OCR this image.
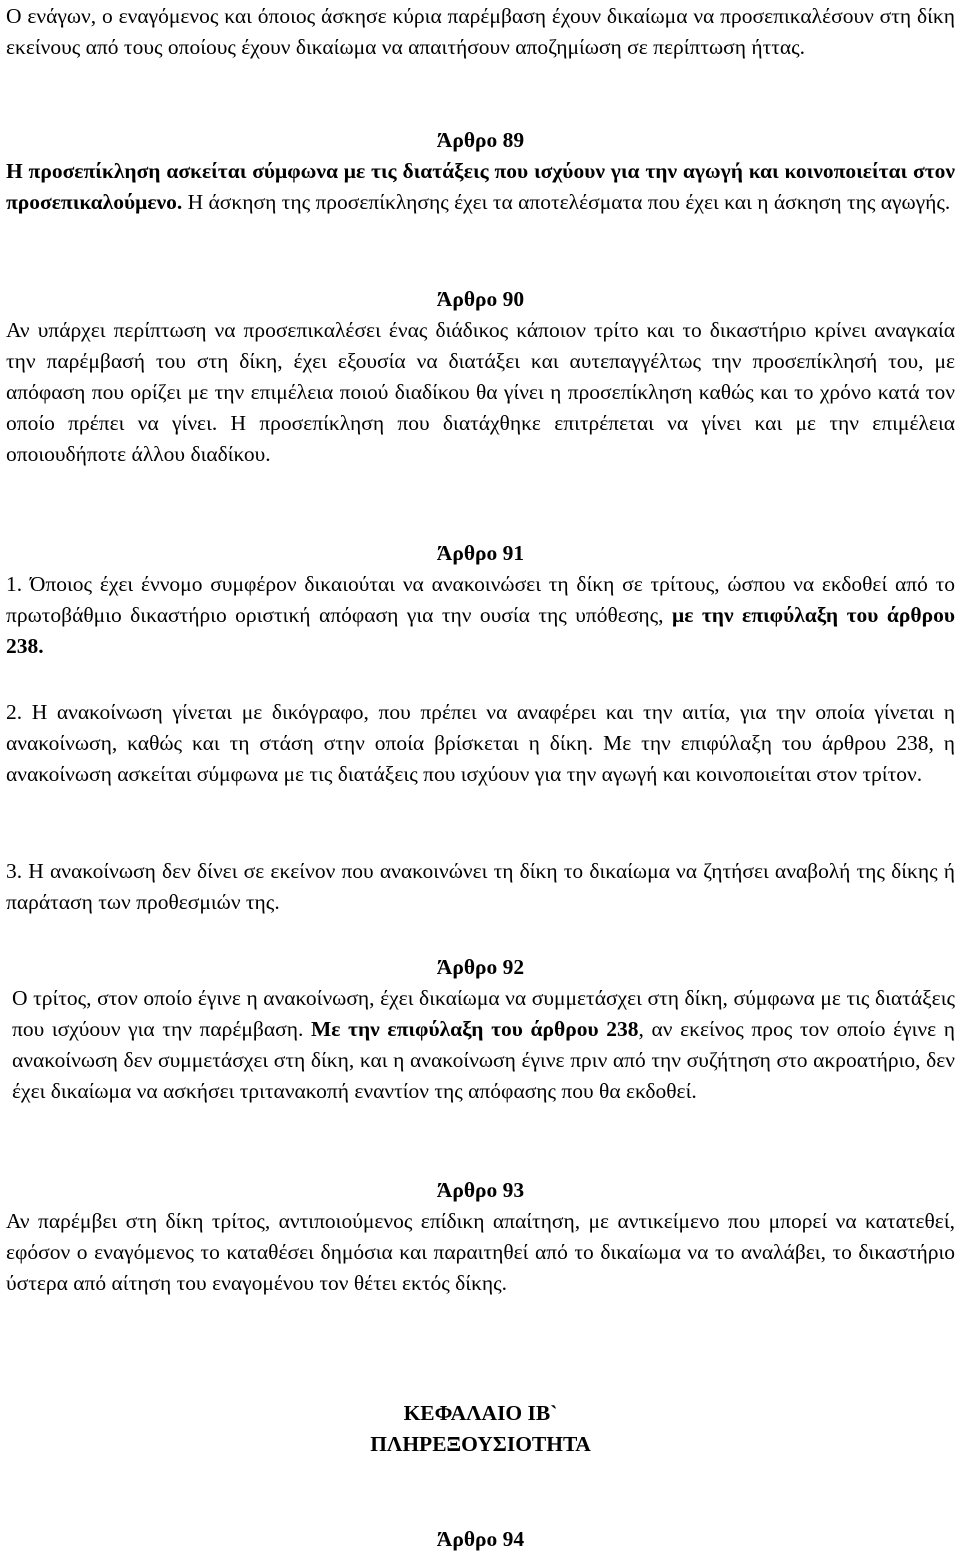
Ο ενάγων, ο εναγόμενος και όποιος άσκησε κύρια παρέμβαση έχουν δικαίωμα να προσεπικαλέσουν στη δίκη εκείνους από τους οποίους έχουν δικαίωμα να απαιτήσουν αποζημίωση σε περίπτωση ήττας.

Άρθρο 89

Η προσεπίκληση ασκείται σύμφωνα με τις διατάξεις που ισχύουν για την αγωγή και κοινοποιείται στον προσεπικαλούμενο. Η άσκηση της προσεπίκλησης έχει τα αποτελέσματα που έχει και η άσκηση της αγωγής.

Άρθρο 90

Αν υπάρχει περίπτωση να προσεπικαλέσει ένας διάδικος κάποιον τρίτο και το δικαστήριο κρίνει αναγκαία την παρέμβασή του στη δίκη, έχει εξουσία να διατάξει και αυτεπαγγέλτως την προσεπίκλησή του, με απόφαση που ορίζει με την επιμέλεια ποιού διαδίκου θα γίνει η προσεπίκληση καθώς και το χρόνο κατά τον οποίο πρέπει να γίνει. Η προσεπίκληση που διατάχθηκε επιτρέπεται να γίνει και με την επιμέλεια οποιουδήποτε άλλου διαδίκου.

Άρθρο 91

1. Όποιος έχει έννομο συμφέρον δικαιούται να ανακοινώσει τη δίκη σε τρίτους, ώσπου να εκδοθεί από το πρωτοβάθμιο δικαστήριο οριστική απόφαση για την ουσία της υπόθεσης, με την επιφύλαξη του άρθρου 238.

2. Η ανακοίνωση γίνεται με δικόγραφο, που πρέπει να αναφέρει και την αιτία, για την οποία γίνεται η ανακοίνωση, καθώς και τη στάση στην οποία βρίσκεται η δίκη. Με την επιφύλαξη του άρθρου 238, η ανακοίνωση ασκείται σύμφωνα με τις διατάξεις που ισχύουν για την αγωγή και κοινοποιείται στον τρίτον.

3. Η ανακοίνωση δεν δίνει σε εκείνον που ανακοινώνει τη δίκη το δικαίωμα να ζητήσει αναβολή της δίκης ή παράταση των προθεσμιών της.

Άρθρο 92

Ο τρίτος, στον οποίο έγινε η ανακοίνωση, έχει δικαίωμα να συμμετάσχει στη δίκη, σύμφωνα με τις διατάξεις που ισχύουν για την παρέμβαση. Με την επιφύλαξη του άρθρου 238, αν εκείνος προς τον οποίο έγινε η ανακοίνωση δεν συμμετάσχει στη δίκη, και η ανακοίνωση έγινε πριν από την συζήτηση στο ακροατήριο, δεν έχει δικαίωμα να ασκήσει τριτανακοπή εναντίον της απόφασης που θα εκδοθεί.

Άρθρο 93

Αν παρέμβει στη δίκη τρίτος, αντιποιούμενος επίδικη απαίτηση, με αντικείμενο που μπορεί να κατατεθεί, εφόσον ο εναγόμενος το καταθέσει δημόσια και παραιτηθεί από το δικαίωμα να το αναλάβει, το δικαστήριο ύστερα από αίτηση του εναγομένου τον θέτει εκτός δίκης.

ΚΕΦΑΛΑΙΟ ΙΒ`

ΠΛΗΡΕΞΟΥΣΙΟΤΗΤΑ

Άρθρο 94
